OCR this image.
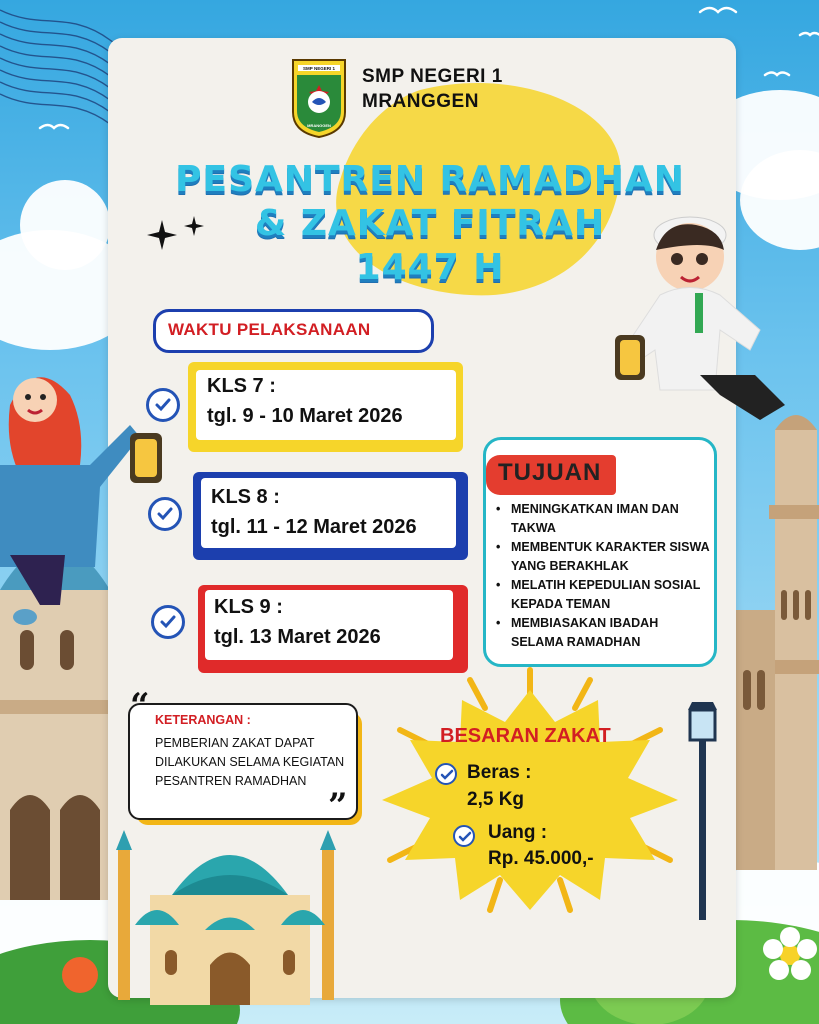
SMP NEGERI 1
MRANGGEN
SMP NEGERI 1
MRANGGEN
PESANTREN RAMADHAN
& ZAKAT FITRAH
1447 H
WAKTU PELAKSANAAN
KLS 7 :
tgl. 9 - 10 Maret 2026
KLS 8 :
tgl. 11 - 12 Maret 2026
KLS 9 :
tgl. 13 Maret 2026
TUJUAN
• MENINGKATKAN IMAN DAN TAKWA
• MEMBENTUK KARAKTER SISWA YANG BERAKHLAK
• MELATIH KEPEDULIAN SOSIAL KEPADA TEMAN
• MEMBIASAKAN IBADAH SELAMA RAMADHAN
“
”
KETERANGAN :
PEMBERIAN ZAKAT DAPAT DILAKUKAN SELAMA KEGIATAN PESANTREN RAMADHAN
BESARAN ZAKAT
Beras :
2,5 Kg
Uang :
Rp. 45.000,-
